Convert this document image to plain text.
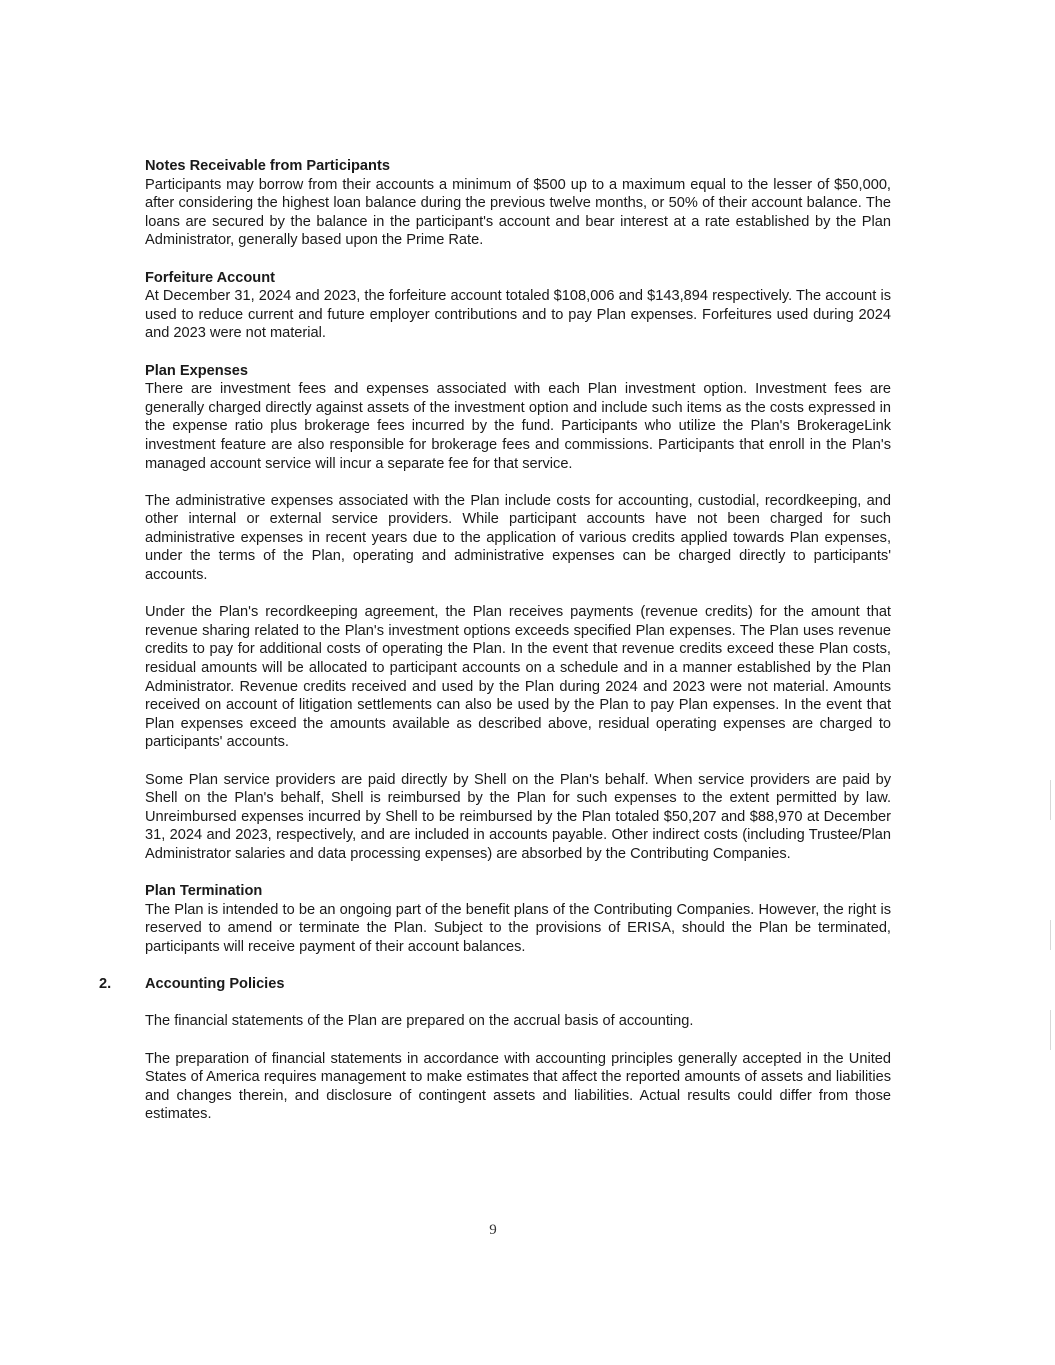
Notes Receivable from Participants

Participants may borrow from their accounts a minimum of $500 up to a maximum equal to the lesser of $50,000, after considering the highest loan balance during the previous twelve months, or 50% of their account balance. The loans are secured by the balance in the participant's account and bear interest at a rate established by the Plan Administrator, generally based upon the Prime Rate.

Forfeiture Account

At December 31, 2024 and 2023, the forfeiture account totaled $108,006 and $143,894 respectively. The account is used to reduce current and future employer contributions and to pay Plan expenses. Forfeitures used during 2024 and 2023 were not material.

Plan Expenses

There are investment fees and expenses associated with each Plan investment option. Investment fees are generally charged directly against assets of the investment option and include such items as the costs expressed in the expense ratio plus brokerage fees incurred by the fund. Participants who utilize the Plan's BrokerageLink investment feature are also responsible for brokerage fees and commissions. Participants that enroll in the Plan's managed account service will incur a separate fee for that service.

The administrative expenses associated with the Plan include costs for accounting, custodial, recordkeeping, and other internal or external service providers. While participant accounts have not been charged for such administrative expenses in recent years due to the application of various credits applied towards Plan expenses, under the terms of the Plan, operating and administrative expenses can be charged directly to participants' accounts.

Under the Plan's recordkeeping agreement, the Plan receives payments (revenue credits) for the amount that revenue sharing related to the Plan's investment options exceeds specified Plan expenses. The Plan uses revenue credits to pay for additional costs of operating the Plan. In the event that revenue credits exceed these Plan costs, residual amounts will be allocated to participant accounts on a schedule and in a manner established by the Plan Administrator. Revenue credits received and used by the Plan during 2024 and 2023 were not material. Amounts received on account of litigation settlements can also be used by the Plan to pay Plan expenses. In the event that Plan expenses exceed the amounts available as described above, residual operating expenses are charged to participants' accounts.

Some Plan service providers are paid directly by Shell on the Plan's behalf. When service providers are paid by Shell on the Plan's behalf, Shell is reimbursed by the Plan for such expenses to the extent permitted by law. Unreimbursed expenses incurred by Shell to be reimbursed by the Plan totaled $50,207 and $88,970 at December 31, 2024 and 2023, respectively, and are included in accounts payable. Other indirect costs (including Trustee/Plan Administrator salaries and data processing expenses) are absorbed by the Contributing Companies.

Plan Termination

The Plan is intended to be an ongoing part of the benefit plans of the Contributing Companies. However, the right is reserved to amend or terminate the Plan. Subject to the provisions of ERISA, should the Plan be terminated, participants will receive payment of their account balances.

2. Accounting Policies

The financial statements of the Plan are prepared on the accrual basis of accounting.

The preparation of financial statements in accordance with accounting principles generally accepted in the United States of America requires management to make estimates that affect the reported amounts of assets and liabilities and changes therein, and disclosure of contingent assets and liabilities. Actual results could differ from those estimates.

9
